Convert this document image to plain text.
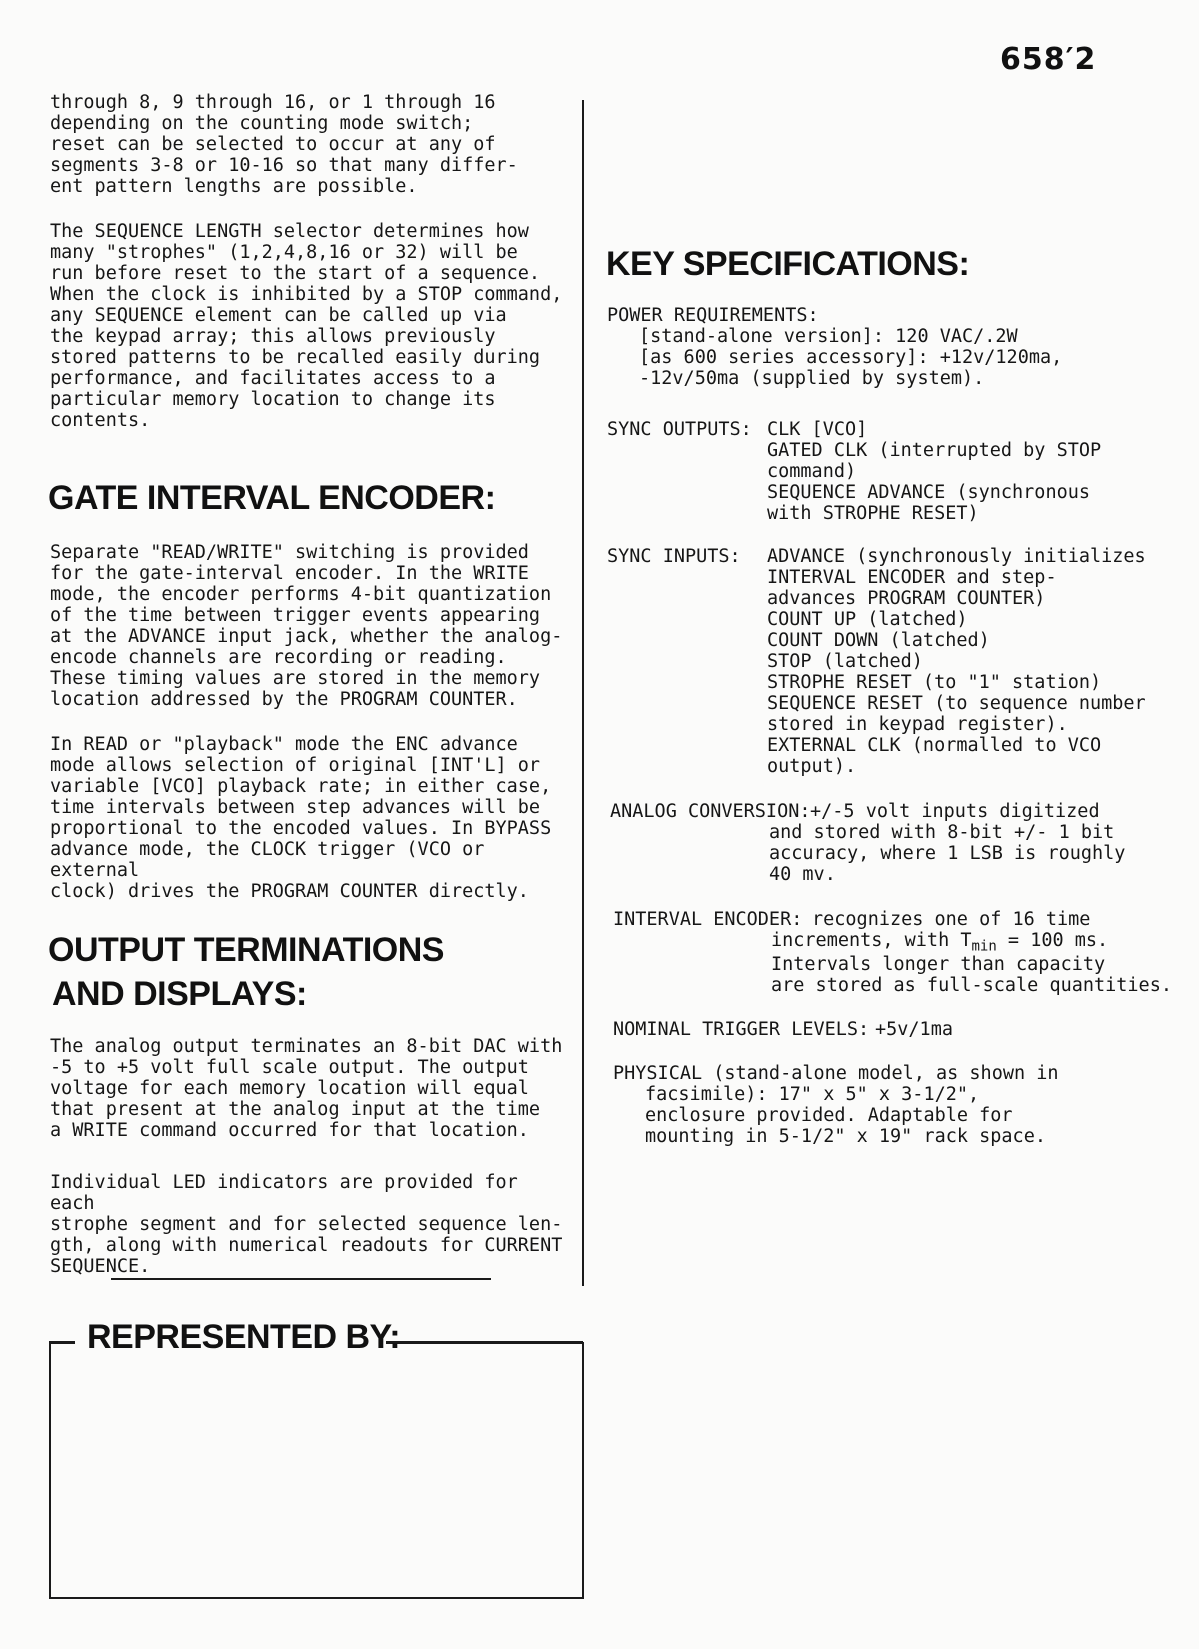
658′2

through 8, 9 through 16, or 1 through 16
depending on the counting mode switch;
reset can be selected to occur at any of
segments 3-8 or 10-16 so that many differ-
ent pattern lengths are possible.

The SEQUENCE LENGTH selector determines how
many "strophes" (1,2,4,8,16 or 32) will be
run before reset to the start of a sequence.
When the clock is inhibited by a STOP command,
any SEQUENCE element can be called up via
the keypad array; this allows previously
stored patterns to be recalled easily during
performance, and facilitates access to a
particular memory location to change its
contents.

GATE INTERVAL ENCODER:

Separate "READ/WRITE" switching is provided
for the gate-interval encoder. In the WRITE
mode, the encoder performs 4-bit quantization
of the time between trigger events appearing
at the ADVANCE input jack, whether the analog-
encode channels are recording or reading.
These timing values are stored in the memory
location addressed by the PROGRAM COUNTER.

In READ or "playback" mode the ENC advance
mode allows selection of original [INT'L] or
variable [VCO] playback rate; in either case,
time intervals between step advances will be
proportional to the encoded values. In BYPASS
advance mode, the CLOCK trigger (VCO or external
clock) drives the PROGRAM COUNTER directly.

OUTPUT TERMINATIONS
AND DISPLAYS:

The analog output terminates an 8-bit DAC with
-5 to +5 volt full scale output. The output
voltage for each memory location will equal
that present at the analog input at the time
a WRITE command occurred for that location.

Individual LED indicators are provided for each
strophe segment and for selected sequence len-
gth, along with numerical readouts for CURRENT
SEQUENCE.

REPRESENTED BY:
KEY SPECIFICATIONS:
POWER REQUIREMENTS:
[stand-alone version]: 120 VAC/.2W
[as 600 series accessory]: +12v/120ma,
-12v/50ma (supplied by system).
SYNC OUTPUTS: CLK [VCO]
GATED CLK (interrupted by STOP
command)
SEQUENCE ADVANCE (synchronous
with STROPHE RESET)
SYNC INPUTS: ADVANCE (synchronously initializes
INTERVAL ENCODER and step-
advances PROGRAM COUNTER)
COUNT UP (latched)
COUNT DOWN (latched)
STOP (latched)
STROPHE RESET (to "1" station)
SEQUENCE RESET (to sequence number
stored in keypad register).
EXTERNAL CLK (normalled to VCO
output).
ANALOG CONVERSION: +/-5 volt inputs digitized
and stored with 8-bit +/- 1 bit
accuracy, where 1 LSB is roughly
40 mv.
INTERVAL ENCODER: recognizes one of 16 time
increments, with $T_{min} = 100$ ms.
Intervals longer than capacity
are stored as full-scale quantities.
NOMINAL TRIGGER LEVELS: +5v/1ma
PHYSICAL (stand-alone model, as shown in
facsimile): 17" x 5" x 3-1/2",
enclosure provided. Adaptable for
mounting in 5-1/2" x 19" rack space.
